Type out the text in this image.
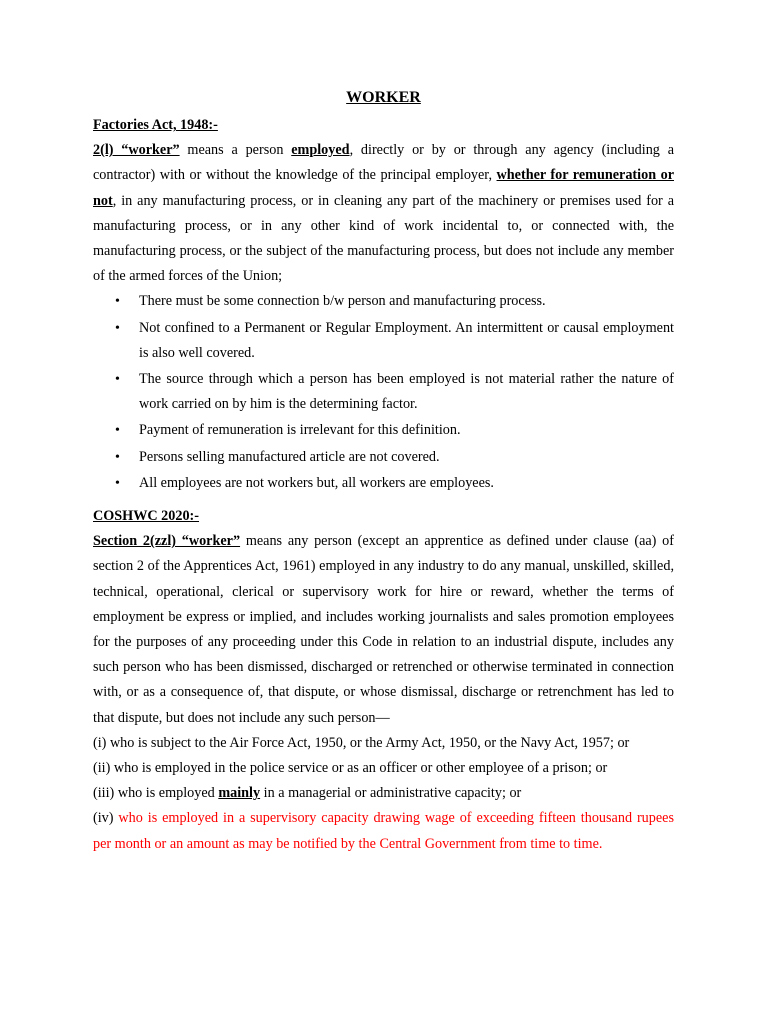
WORKER
Factories Act, 1948:-

2(l) “worker” means a person employed, directly or by or through any agency (including a contractor) with or without the knowledge of the principal employer, whether for remuneration or not, in any manufacturing process, or in cleaning any part of the machinery or premises used for a manufacturing process, or in any other kind of work incidental to, or connected with, the manufacturing process, or the subject of the manufacturing process, but does not include any member of the armed forces of the Union;

• There must be some connection b/w person and manufacturing process.
• Not confined to a Permanent or Regular Employment. An intermittent or causal employment is also well covered.
• The source through which a person has been employed is not material rather the nature of work carried on by him is the determining factor.
• Payment of remuneration is irrelevant for this definition.
• Persons selling manufactured article are not covered.
• All employees are not workers but, all workers are employees.
COSHWC 2020:-

Section 2(zzl) “worker” means any person (except an apprentice as defined under clause (aa) of section 2 of the Apprentices Act, 1961) employed in any industry to do any manual, unskilled, skilled, technical, operational, clerical or supervisory work for hire or reward, whether the terms of employment be express or implied, and includes working journalists and sales promotion employees for the purposes of any proceeding under this Code in relation to an industrial dispute, includes any such person who has been dismissed, discharged or retrenched or otherwise terminated in connection with, or as a consequence of, that dispute, or whose dismissal, discharge or retrenchment has led to that dispute, but does not include any such person—

(i) who is subject to the Air Force Act, 1950, or the Army Act, 1950, or the Navy Act, 1957; or

(ii) who is employed in the police service or as an officer or other employee of a prison; or

(iii) who is employed mainly in a managerial or administrative capacity; or

(iv) who is employed in a supervisory capacity drawing wage of exceeding fifteen thousand rupees per month or an amount as may be notified by the Central Government from time to time.
